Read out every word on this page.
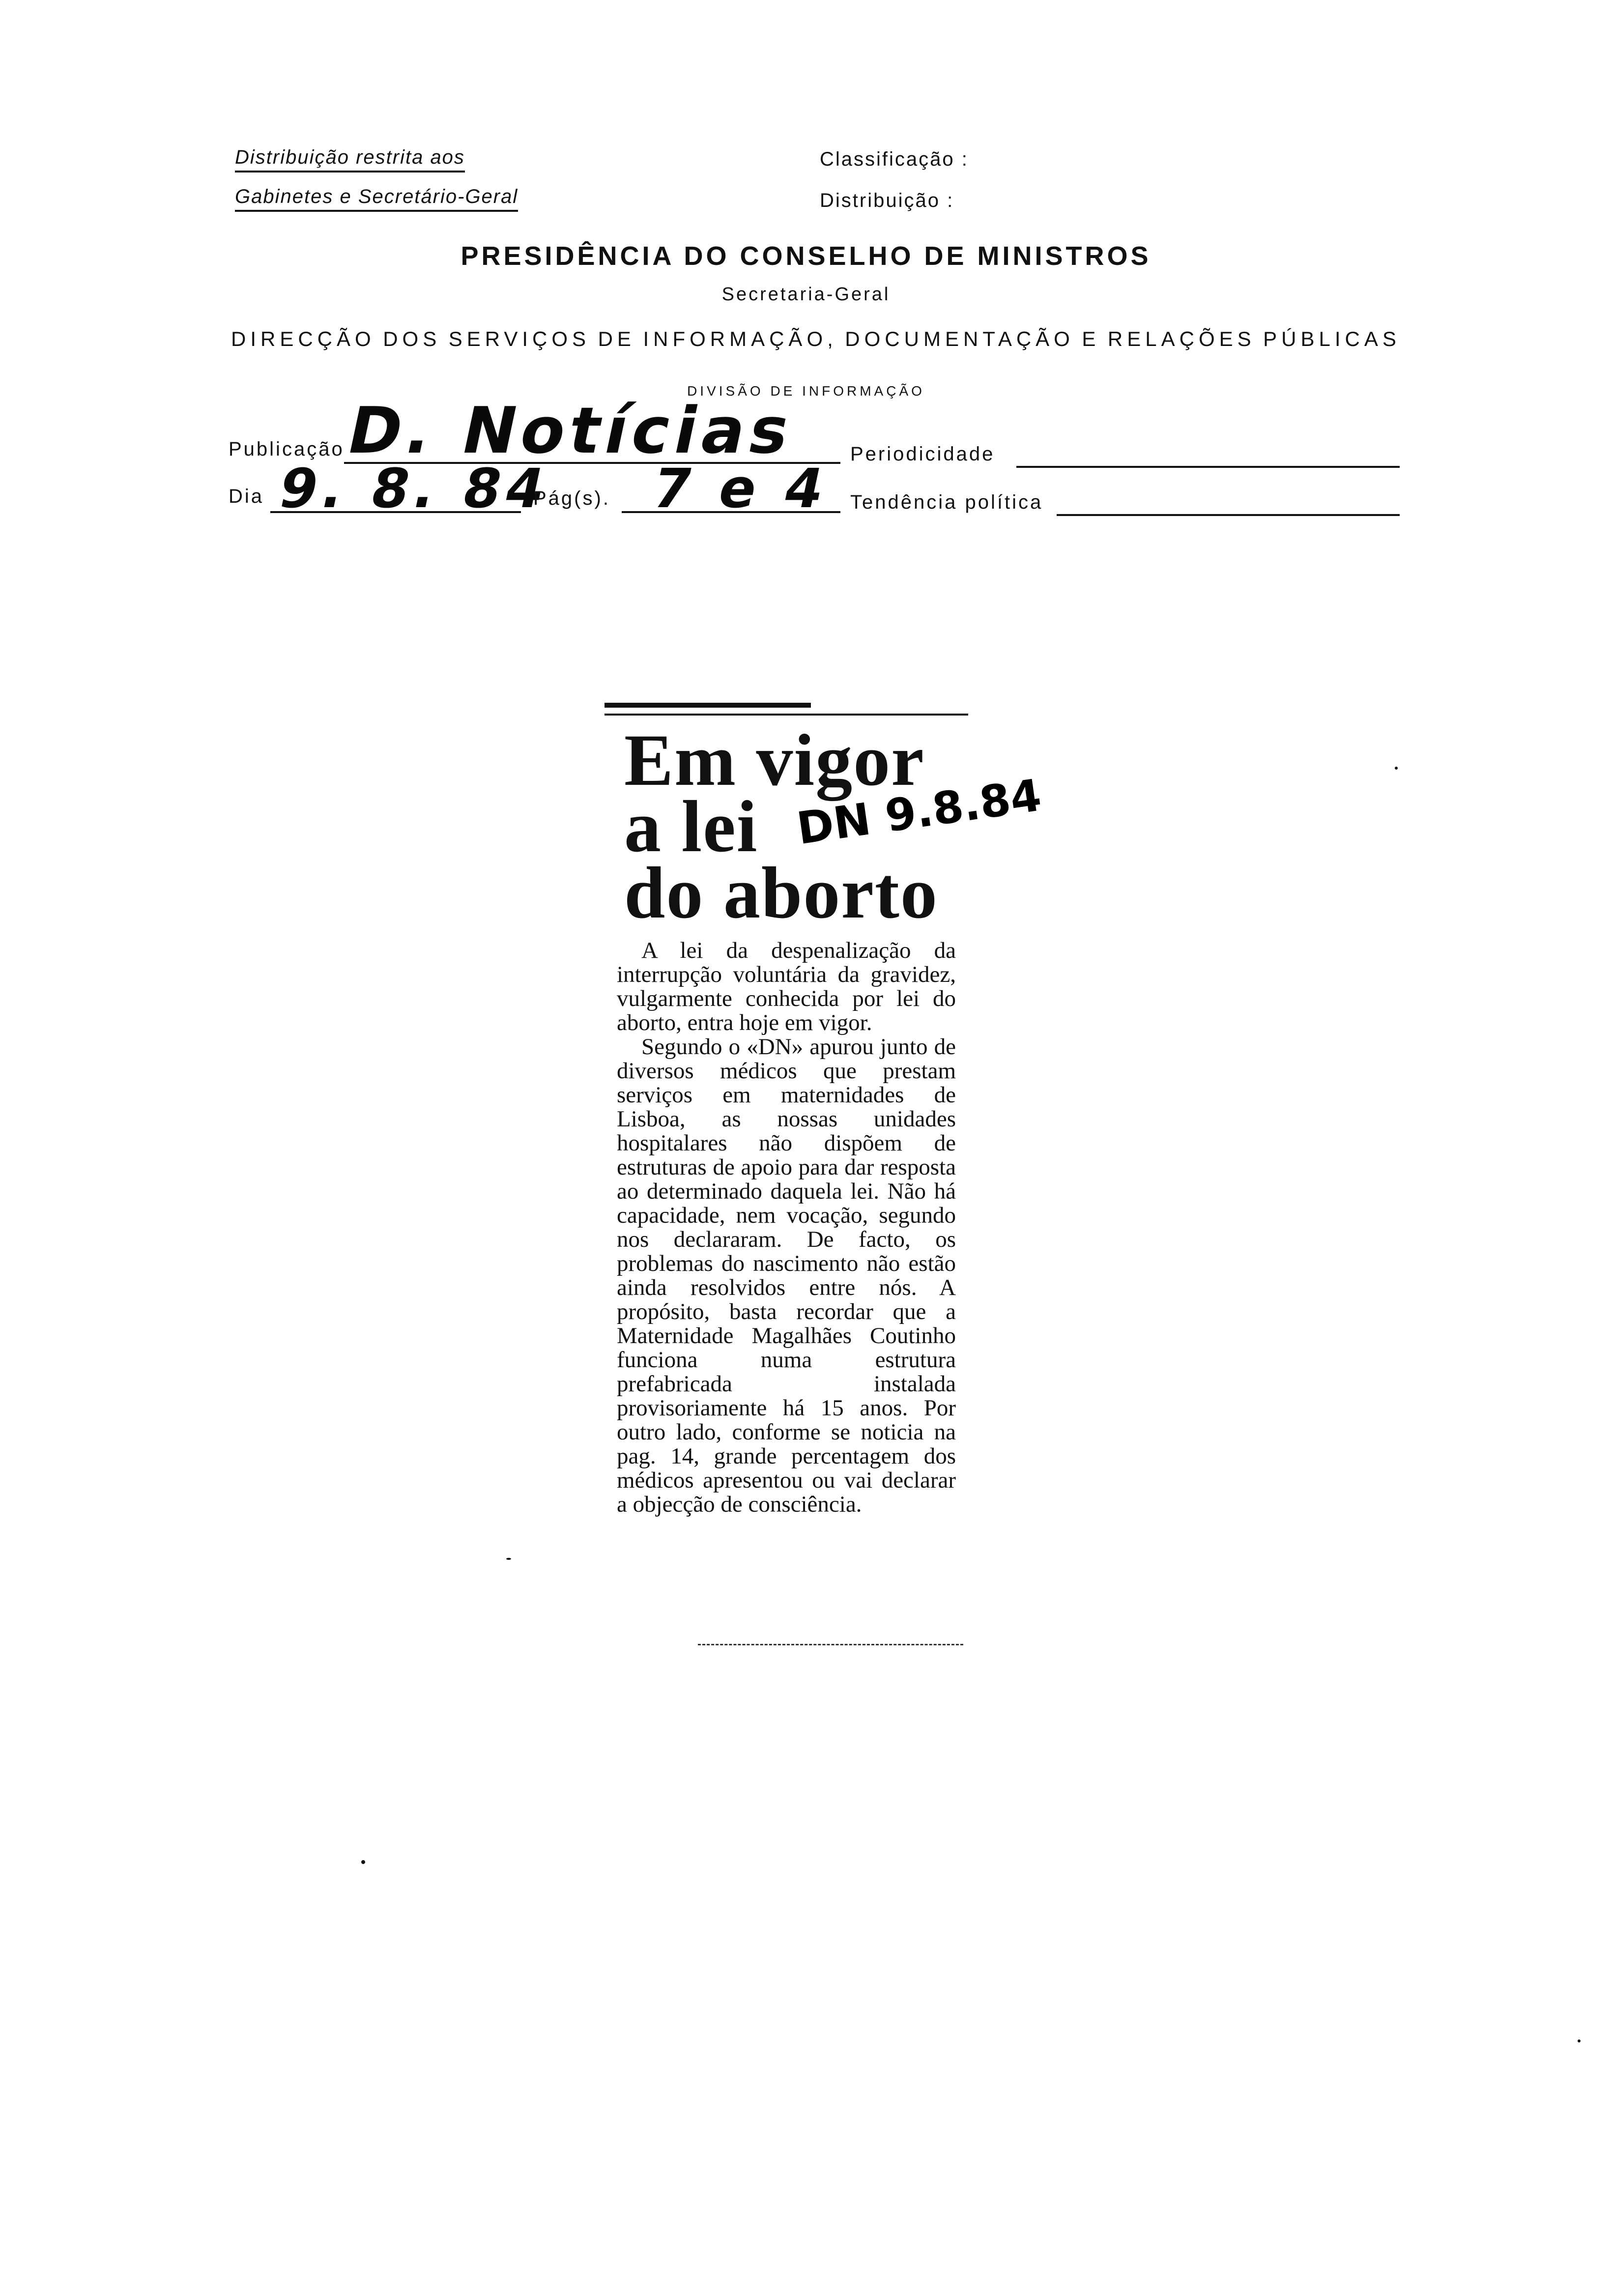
Distribuição restrita aos
Gabinetes e Secretário-Geral
Classificação :
Distribuição :
PRESIDÊNCIA DO CONSELHO DE MINISTROS
Secretaria-Geral
DIRECÇÃO DOS SERVIÇOS DE INFORMAÇÃO, DOCUMENTAÇÃO E RELAÇÕES PÚBLICAS
DIVISÃO DE INFORMAÇÃO
Publicação
D. Notícias Periodicidade
Dia 9. 8. 84
Pág(s). 7 e 4 Tendência política
Em vigor
a lei
do aborto
DN 9.8.84

A lei da despenalização da interrupção voluntária da gravidez, vulgarmente conhecida por lei do aborto, entra hoje em vigor.

Segundo o «DN» apurou junto de diversos médicos que prestam serviços em maternidades de Lisboa, as nossas unidades hospitalares não dispõem de estruturas de apoio para dar resposta ao determinado daquela lei. Não há capacidade, nem vocação, segundo nos declararam. De facto, os problemas do nascimento não estão ainda resolvidos entre nós. A propósito, basta recordar que a Maternidade Magalhães Coutinho funciona numa estrutura prefabricada instalada provisoriamente há 15 anos. Por outro lado, conforme se noticia na pag. 14, grande percentagem dos médicos apresentou ou vai declarar a objecção de consciência.
